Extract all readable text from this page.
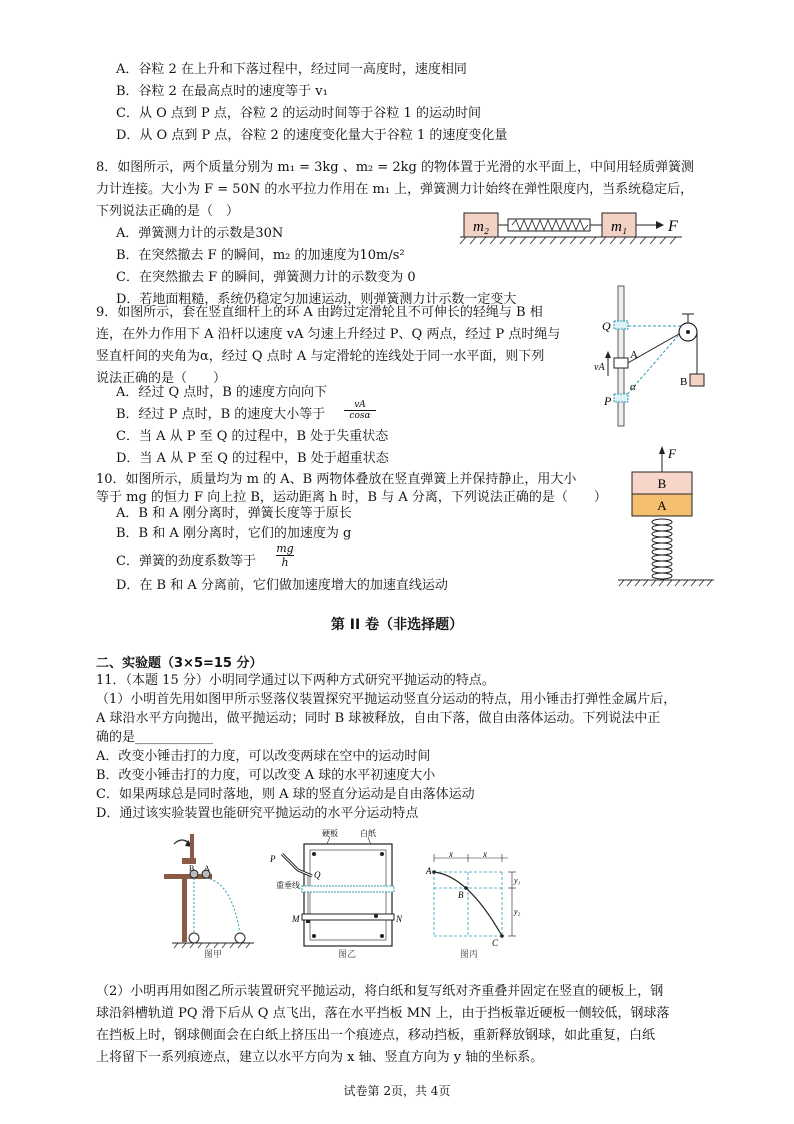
A．谷粒 2 在上升和下落过程中，经过同一高度时，速度相同
B．谷粒 2 在最高点时的速度等于 v₁
C．从 O 点到 P 点，谷粒 2 的运动时间等于谷粒 1 的运动时间
D．从 O 点到 P 点，谷粒 2 的速度变化量大于谷粒 1 的速度变化量
8．如图所示，两个质量分别为 m₁ = 3kg 、m₂ = 2kg 的物体置于光滑的水平面上，中间用轻质弹簧测
力计连接。大小为 F = 50N 的水平拉力作用在 m₁ 上，弹簧测力计始终在弹性限度内，当系统稳定后，
下列说法正确的是（　）
A．弹簧测力计的示数是30N
B．在突然撤去 F 的瞬间，m₂ 的加速度为10m/s²
C．在突然撤去 F 的瞬间，弹簧测力计的示数变为 0
D．若地面粗糙，系统仍稳定匀加速运动，则弹簧测力计示数一定变大
m₂	m₁	F
9．如图所示，套在竖直细杆上的环 A 由跨过定滑轮且不可伸长的轻绳与 B 相
连，在外力作用下 A 沿杆以速度 vA 匀速上升经过 P、Q 两点，经过 P 点时绳与
竖直杆间的夹角为α，经过 Q 点时 A 与定滑轮的连线处于同一水平面，则下列
说法正确的是（　　）
A．经过 Q 点时，B 的速度方向向下
B．经过 P 点时，B 的速度大小等于 $\frac{vA}{\cos\alpha}$
C．当 A 从 P 至 Q 的过程中，B 处于失重状态
D．当 A 从 P 至 Q 的过程中，B 处于超重状态
Q
P
A
B
vA
α
10．如图所示，质量均为 m 的 A、B 两物体叠放在竖直弹簧上并保持静止，用大小
等于 mg 的恒力 F 向上拉 B，运动距离 h 时，B 与 A 分离，下列说法正确的是（　　）
A．B 和 A 刚分离时，弹簧长度等于原长
B．B 和 A 刚分离时，它们的加速度为 g
C．弹簧的劲度系数等于 $\frac{mg}{h}$
D．在 B 和 A 分离前，它们做加速度增大的加速直线运动
F
B
A
第 II 卷（非选择题）
二、实验题（3×5=15 分）
11．（本题 15 分）小明同学通过以下两种方式研究平抛运动的特点。
（1）小明首先用如图甲所示竖落仪装置探究平抛运动竖直分运动的特点，用小锤击打弹性金属片后，
A 球沿水平方向抛出，做平抛运动；同时 B 球被释放，自由下落，做自由落体运动。下列说法中正
确的是____________
A．改变小锤击打的力度，可以改变两球在空中的运动时间
B．改变小锤击打的力度，可以改变 A 球的水平初速度大小
C．如果两球总是同时落地，则 A 球的竖直分运动是自由落体运动
D．通过该实验装置也能研究平抛运动的水平分运动特点
B A
图甲
硬板	白纸
P
Q
重垂线
M	N
图乙
x	x
A
B
C
y₁
y₂
图丙
（2）小明再用如图乙所示装置研究平抛运动，将白纸和复写纸对齐重叠并固定在竖直的硬板上，钢
球沿斜槽轨道 PQ 滑下后从 Q 点飞出，落在水平挡板 MN 上，由于挡板靠近硬板一侧较低，钢球落
在挡板上时，钢球侧面会在白纸上挤压出一个痕迹点，移动挡板，重新释放钢球，如此重复，白纸
上将留下一系列痕迹点，建立以水平方向为 x 轴、竖直方向为 y 轴的坐标系。
试卷第 2页，共 4页
